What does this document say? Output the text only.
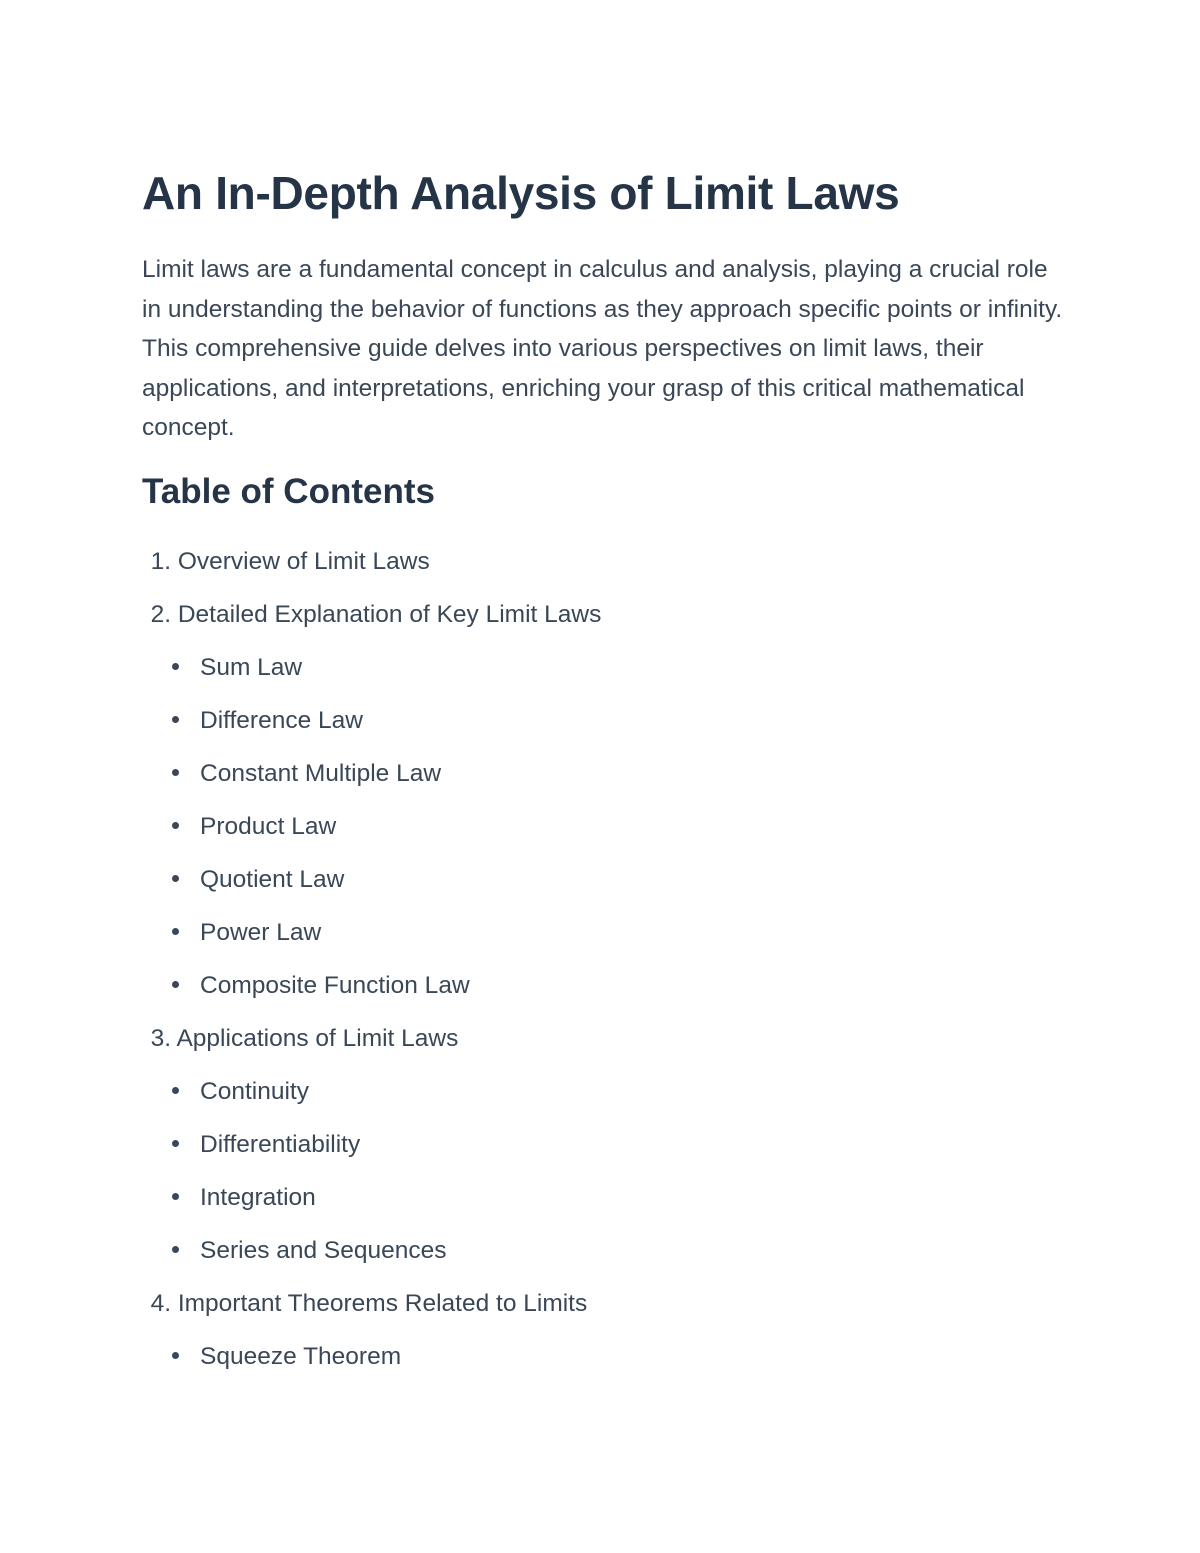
An In-Depth Analysis of Limit Laws

Limit laws are a fundamental concept in calculus and analysis, playing a crucial role in understanding the behavior of functions as they approach specific points or infinity. This comprehensive guide delves into various perspectives on limit laws, their applications, and interpretations, enriching your grasp of this critical mathematical concept.

Table of Contents
1. Overview of Limit Laws
2. Detailed Explanation of Key Limit Laws
Sum Law
Difference Law
Constant Multiple Law
Product Law
Quotient Law
Power Law
Composite Function Law
3. Applications of Limit Laws
Continuity
Differentiability
Integration
Series and Sequences
4. Important Theorems Related to Limits
Squeeze Theorem
